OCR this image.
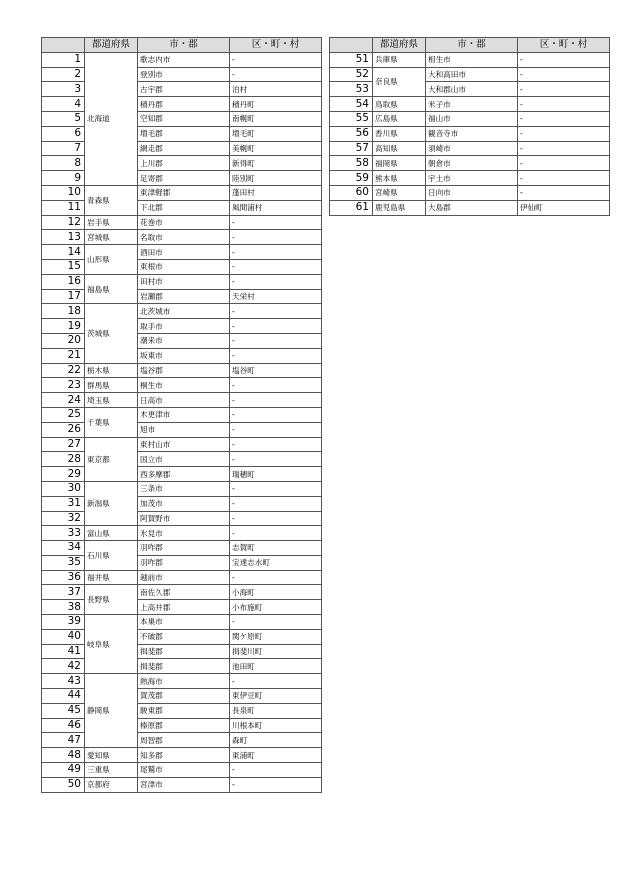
	都道府県	市・郡	区・町・村
1	北海道	歌志内市	-
2		登別市	-
3		古宇郡	泊村
4		積丹郡	積丹町
5		空知郡	南幌町
6		増毛郡	増毛町
7		網走郡	美幌町
8		上川郡	新得町
9		足寄郡	陸別町
10	青森県	東津軽郡	蓬田村
11		下北郡	風間浦村
12	岩手県	花巻市	-
13	宮城県	名取市	-
14	山形県	酒田市	-
15		東根市	-
16	福島県	田村市	-
17		岩瀬郡	天栄村
18	茨城県	北茨城市	-
19		取手市	-
20		潮来市	-
21		坂東市	-
22	栃木県	塩谷郡	塩谷町
23	群馬県	桐生市	-
24	埼玉県	日高市	-
25	千葉県	木更津市	-
26		旭市	-
27	東京都	東村山市	-
28		国立市	-
29		西多摩郡	瑞穂町
30	新潟県	三条市	-
31		加茂市	-
32		阿賀野市	-
33	富山県	氷見市	-
34	石川県	羽咋郡	志賀町
35		羽咋郡	宝達志水町
36	福井県	越前市	-
37	長野県	南佐久郡	小海町
38		上高井郡	小布施町
39	岐阜県	本巣市	-
40		不破郡	関ケ原町
41		揖斐郡	揖斐川町
42		揖斐郡	池田町
43	静岡県	熱海市	-
44		賀茂郡	東伊豆町
45		駿東郡	長泉町
46		榛原郡	川根本町
47		周智郡	森町
48	愛知県	知多郡	東浦町
49	三重県	尾鷲市	-
50	京都府	宮津市	-
	都道府県	市・郡	区・町・村
51	兵庫県	相生市	-
52	奈良県	大和高田市	-
53		大和郡山市	-
54	鳥取県	米子市	-
55	広島県	福山市	-
56	香川県	観音寺市	-
57	高知県	須崎市	-
58	福岡県	朝倉市	-
59	熊本県	宇土市	-
60	宮崎県	日向市	-
61	鹿児島県	大島郡	伊仙町
